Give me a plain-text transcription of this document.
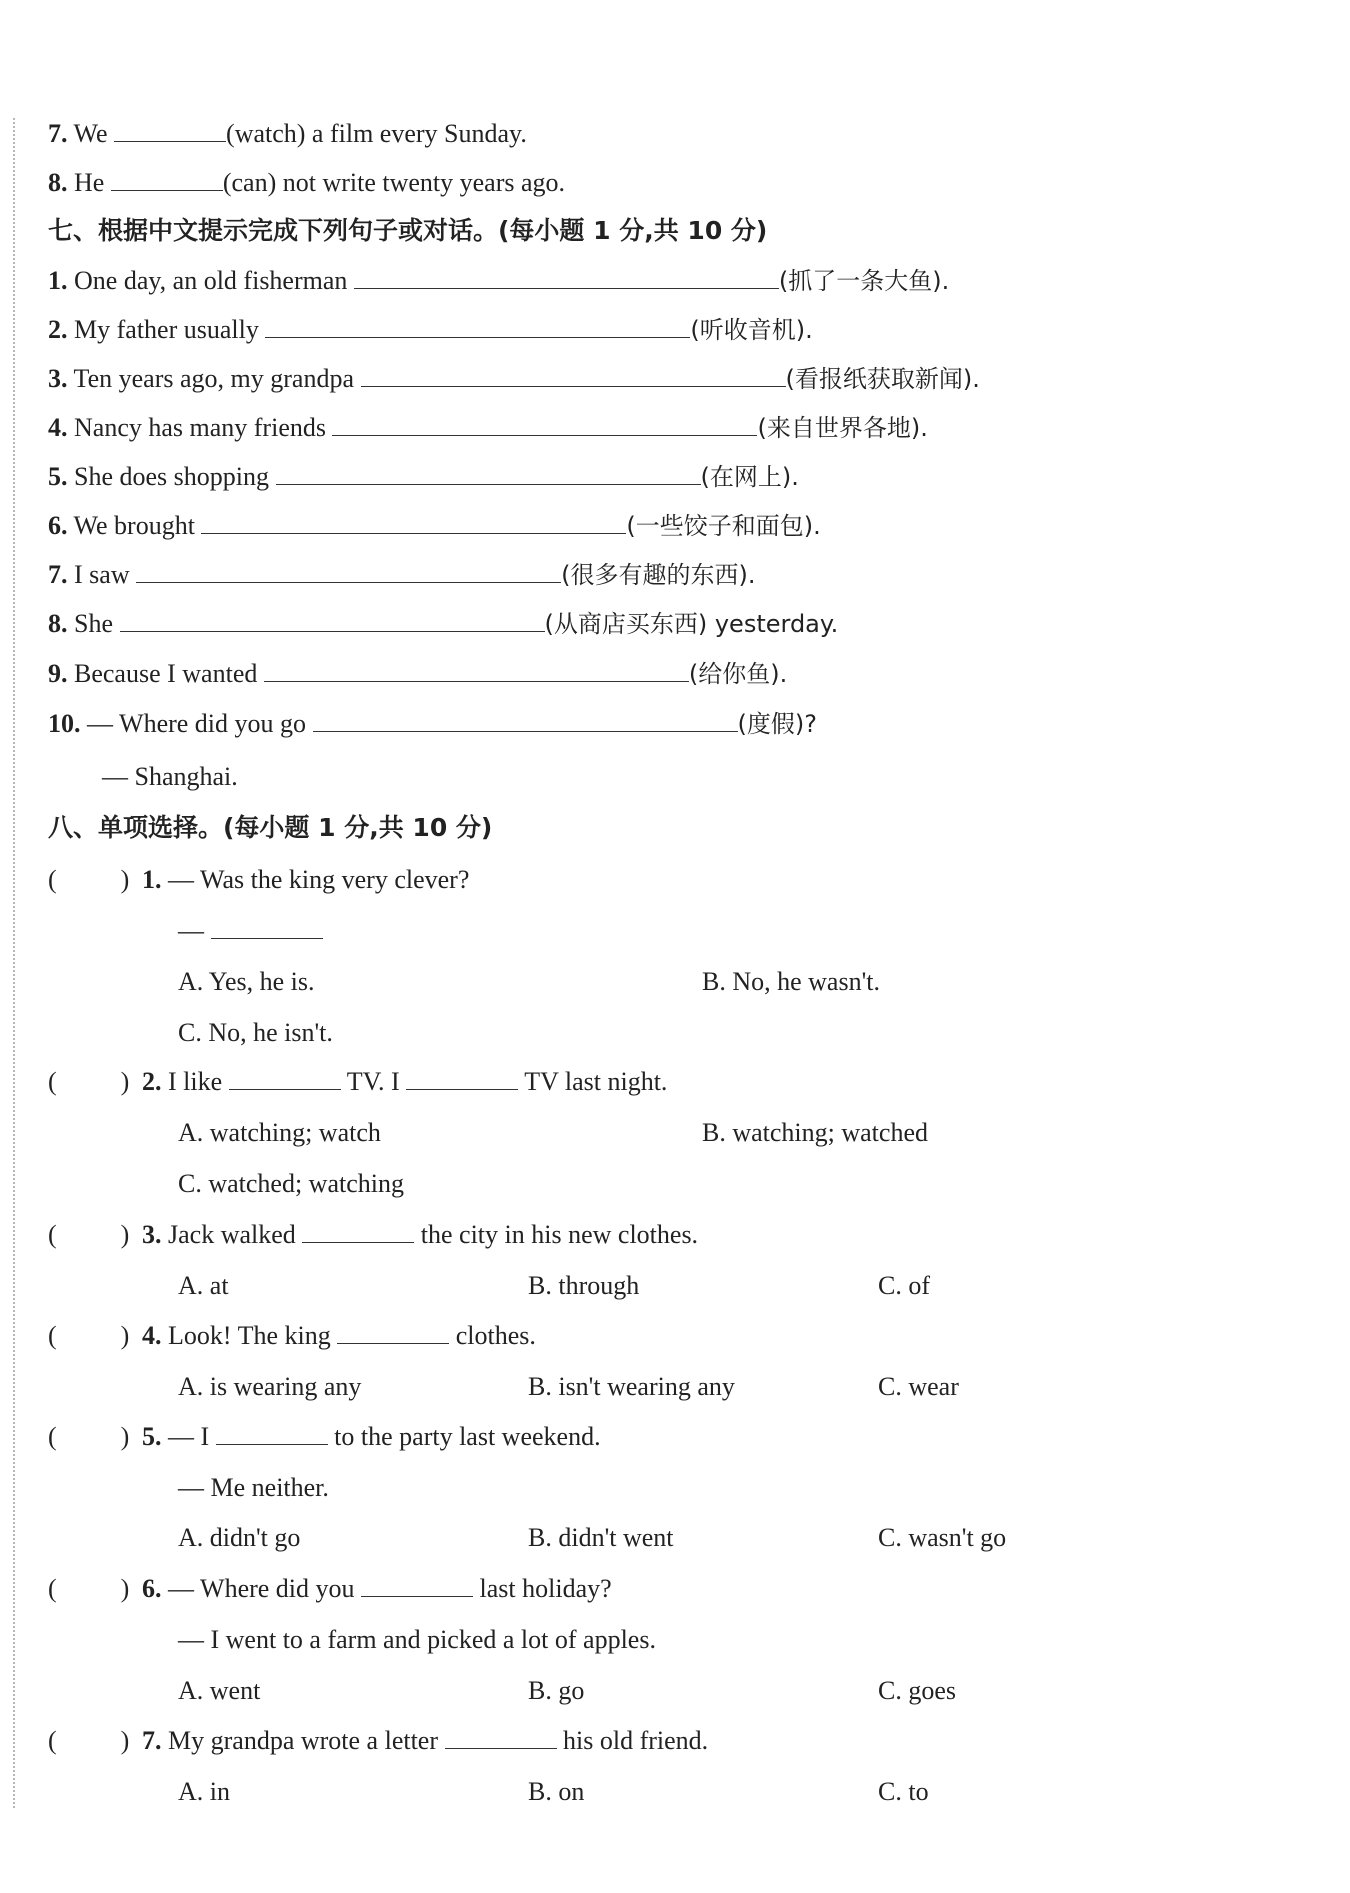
7. We	(watch) a film every Sunday.
8. He	(can) not write twenty years ago.
七、根据中文提示完成下列句子或对话。(每小题 1 分,共 10 分)
1. One day, an old fisherman	(抓了一条大鱼).
2. My father usually	(听收音机).
3. Ten years ago, my grandpa	(看报纸获取新闻).
4. Nancy has many friends	(来自世界各地).
5. She does shopping	(在网上).
6. We brought	(一些饺子和面包).
7. I saw	(很多有趣的东西).
8. She	(从商店买东西) yesterday.
9. Because I wanted	(给你鱼).
10. — Where did you go	(度假)?
— Shanghai.
八、单项选择。(每小题 1 分,共 10 分)
( ) 1. — Was the king very clever?
—
A. Yes, he is.	B. No, he wasn't.
C. No, he isn't.
( ) 2. I like	TV. I	TV last night.
A. watching; watch	B. watching; watched
C. watched; watching
( ) 3. Jack walked	the city in his new clothes.
A. at	B. through	C. of
( ) 4. Look! The king	clothes.
A. is wearing any	B. isn't wearing any	C. wear
( ) 5. — I	to the party last weekend.
— Me neither.
A. didn't go	B. didn't went	C. wasn't go
( ) 6. — Where did you	last holiday?
— I went to a farm and picked a lot of apples.
A. went	B. go	C. goes
( ) 7. My grandpa wrote a letter	his old friend.
A. in	B. on	C. to
